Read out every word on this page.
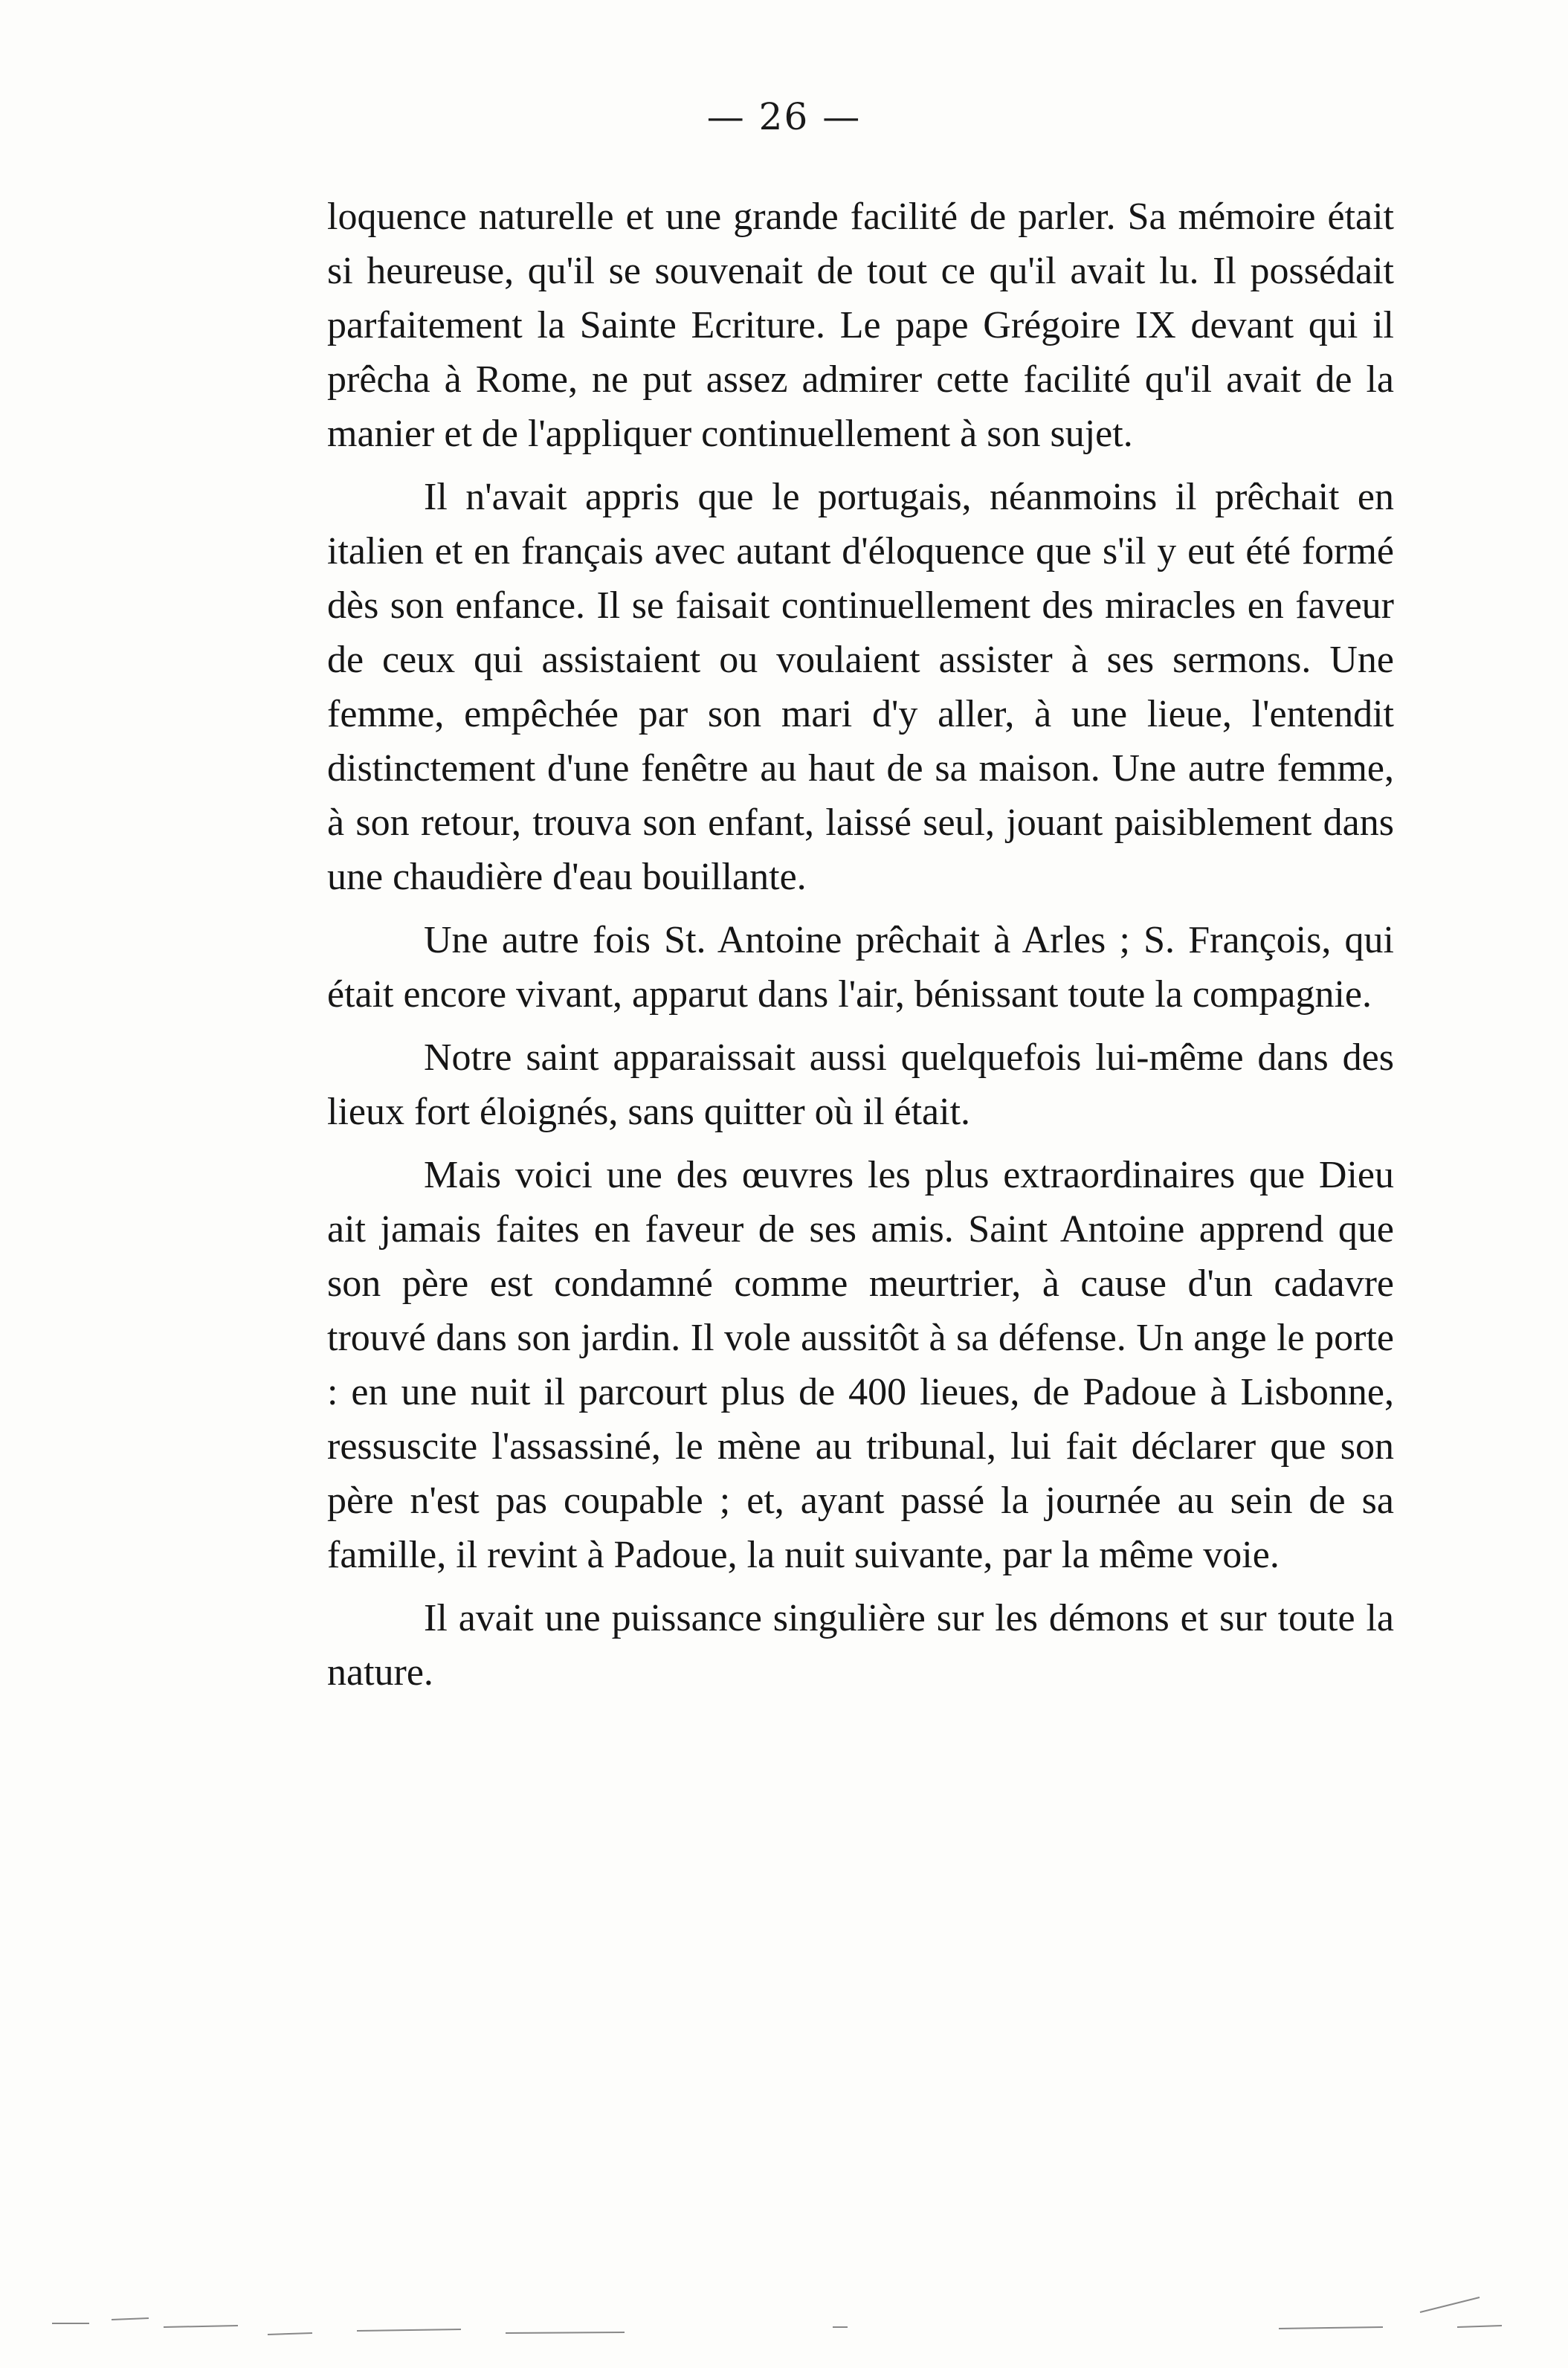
— 26 —

loquence naturelle et une grande facilité de parler. Sa mémoire était si heureuse, qu'il se souvenait de tout ce qu'il avait lu. Il possédait parfaitement la Sainte Ecriture. Le pape Grégoire IX devant qui il prêcha à Rome, ne put assez admirer cette facilité qu'il avait de la manier et de l'appliquer continuellement à son sujet.

Il n'avait appris que le portugais, néanmoins il prêchait en italien et en français avec autant d'éloquence que s'il y eut été formé dès son enfance. Il se faisait continuellement des miracles en faveur de ceux qui assistaient ou voulaient assister à ses sermons. Une femme, empêchée par son mari d'y aller, à une lieue, l'entendit distinctement d'une fenêtre au haut de sa maison. Une autre femme, à son retour, trouva son enfant, laissé seul, jouant paisiblement dans une chaudière d'eau bouillante.

Une autre fois St. Antoine prêchait à Arles ; S. François, qui était encore vivant, apparut dans l'air, bénissant toute la compagnie.

Notre saint apparaissait aussi quelquefois lui-même dans des lieux fort éloignés, sans quitter où il était.

Mais voici une des œuvres les plus extraordinaires que Dieu ait jamais faites en faveur de ses amis. Saint Antoine apprend que son père est condamné comme meurtrier, à cause d'un cadavre trouvé dans son jardin. Il vole aussitôt à sa défense. Un ange le porte : en une nuit il parcourt plus de 400 lieues, de Padoue à Lisbonne, ressuscite l'assassiné, le mène au tribunal, lui fait déclarer que son père n'est pas coupable ; et, ayant passé la journée au sein de sa famille, il revint à Padoue, la nuit suivante, par la même voie.

Il avait une puissance singulière sur les démons et sur toute la nature.
